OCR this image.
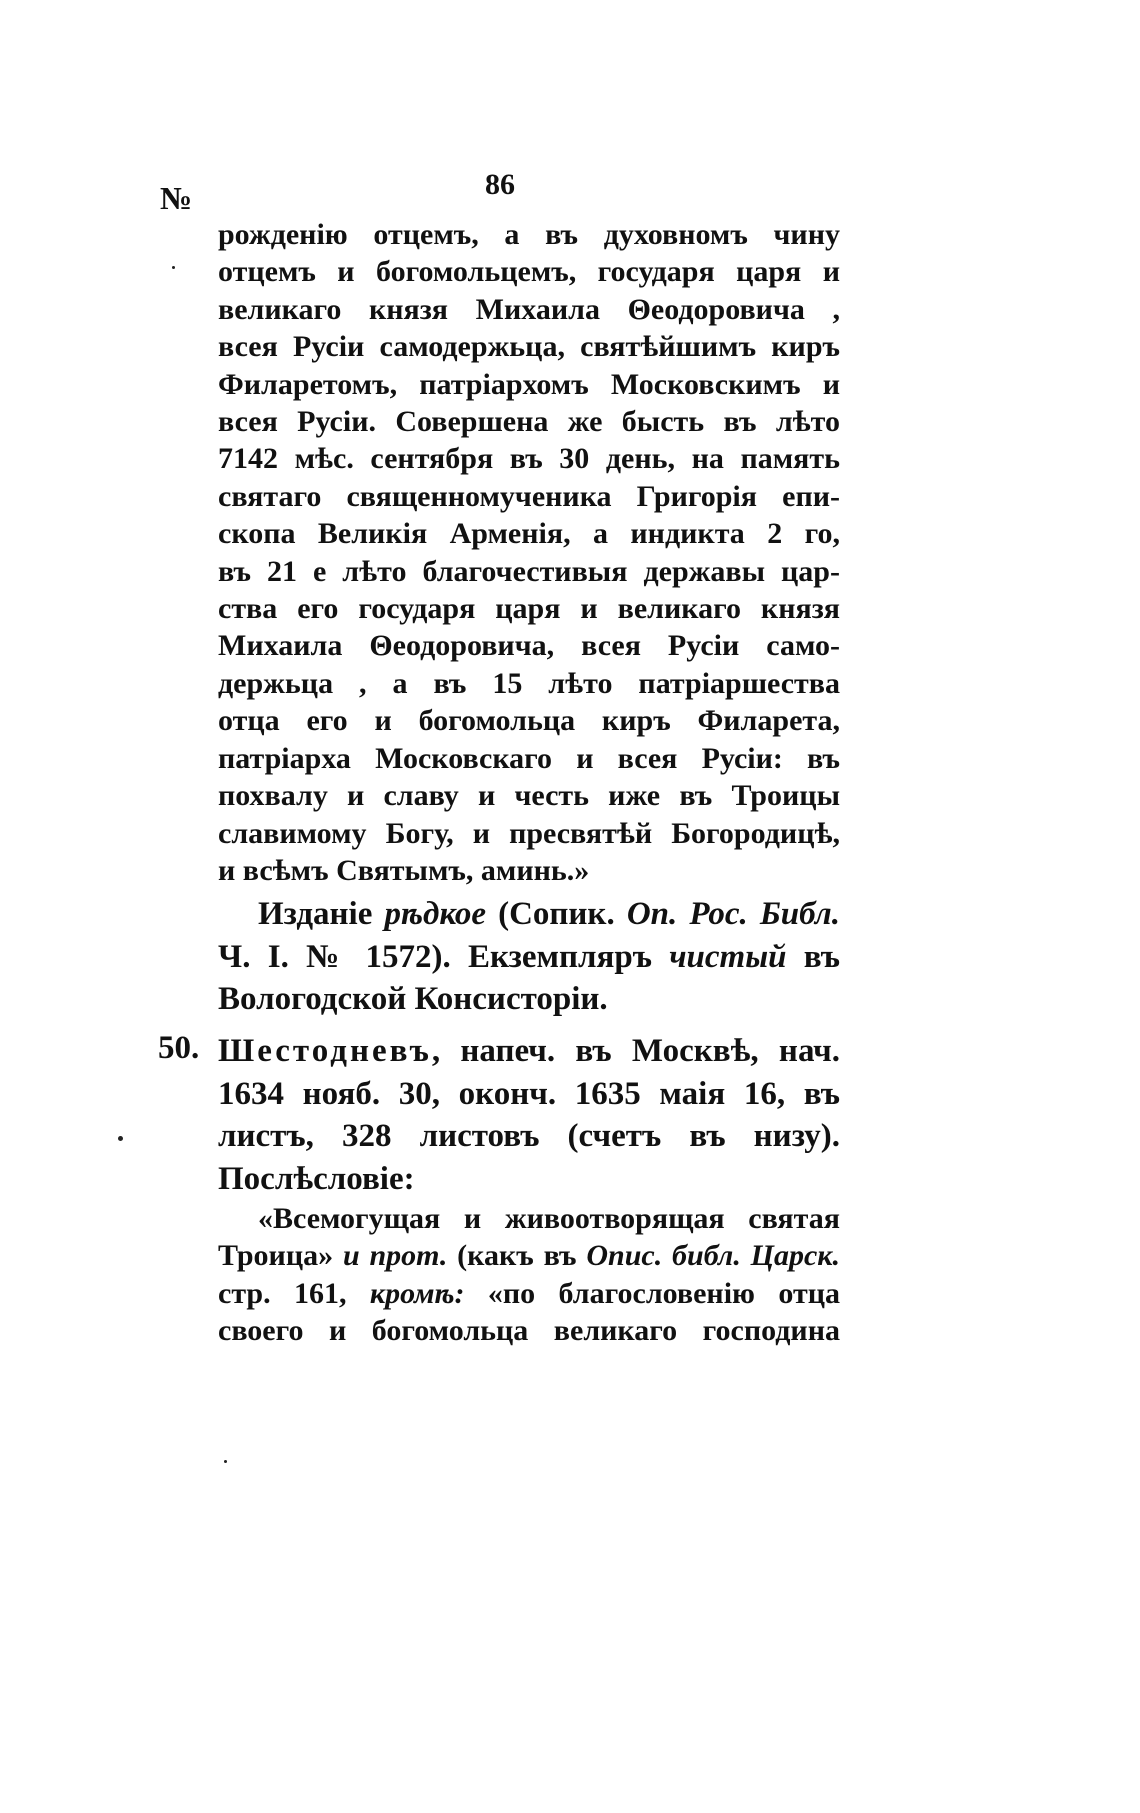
86
№
рожденію отцемъ, а въ духовномъ чину
отцемъ и богомольцемъ, государя царя и
великаго князя Михаила Θеодоровича ,
всея Русіи самодержьца, святѣйшимъ киръ
Филаретомъ, патріархомъ Московскимъ и
всея Русіи. Совершена же бысть въ лѣто
7142 мѣс. сентября въ 30 день, на память
святаго священномученика Григорія епи-
скопа Великія Арменія, а индикта 2 го,
въ 21 е лѣто благочестивыя державы цар-
ства его государя царя и великаго князя
Михаила Θеодоровича, всея Русіи само-
держьца , а въ 15 лѣто патріаршества
отца его и богомольца киръ Филарета,
патріарха Московскаго и всея Русіи: въ
похвалу и славу и честь иже въ Троицы
славимому Богу, и пресвятѣй Богородицѣ,
и всѣмъ Святымъ, аминь.»
Изданіе рѣдкое (Сопик. Оп. Рос. Библ.
Ч. I. № 1572). Екземпляръ чистый въ
Вологодской Консисторіи.
50. Шестодневъ, напеч. въ Москвѣ, нач.
1634 нояб. 30, оконч. 1635 маія 16, въ
листъ, 328 листовъ (счетъ въ низу).
Послѣсловіе:
«Всемогущая и живоотворящая святая
Троица» и прот. (какъ въ Опис. библ. Царск.
стр. 161, кромѣ: «по благословенію отца
своего и богомольца великаго господина
